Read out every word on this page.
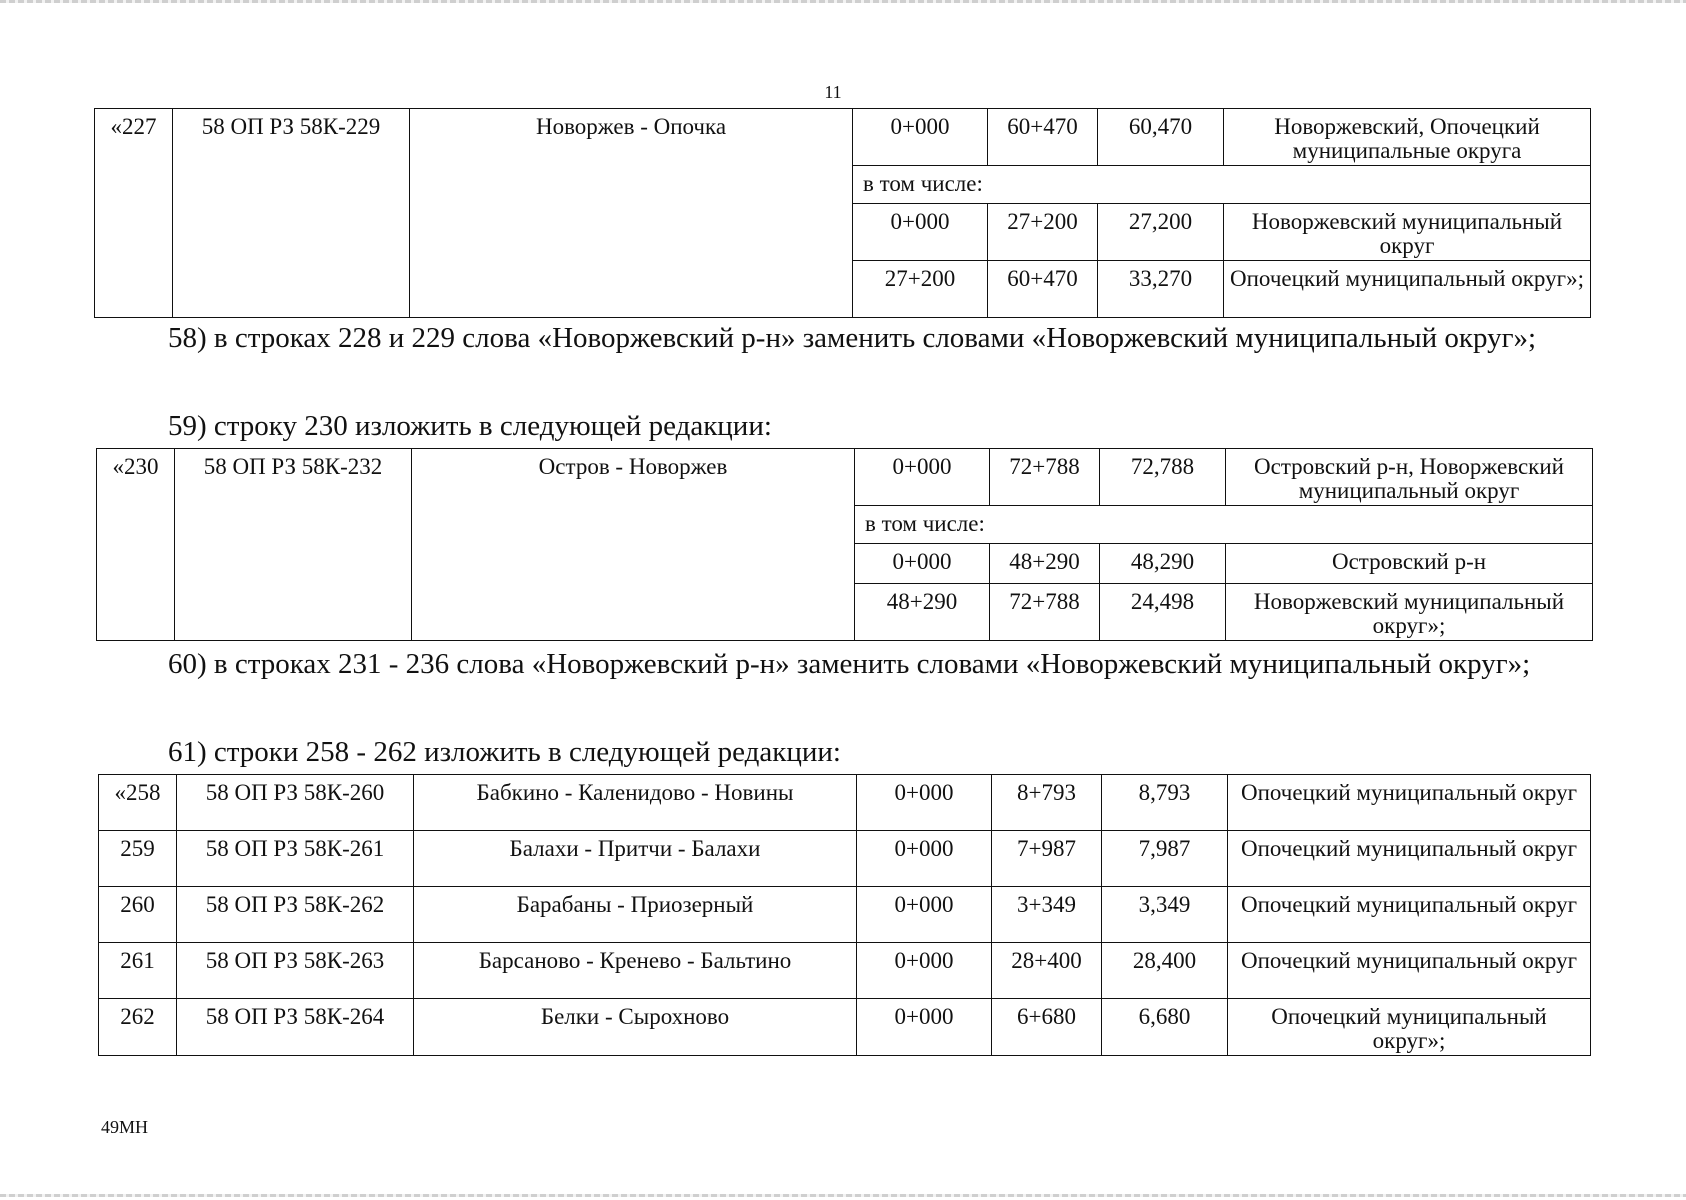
11
«227	58 ОП РЗ 58К-229	Новоржев - Опочка	0+000	60+470	60,470	Новоржевский, Опочецкий муниципальные округа
			в том числе:			
			0+000	27+200	27,200	Новоржевский муниципальный округ
			27+200	60+470	33,270	Опочецкий муниципальный округ»;
58) в строках 228 и 229 слова «Новоржевский р-н» заменить словами «Новоржевский муниципальный округ»;
59) строку 230 изложить в следующей редакции:
«230	58 ОП РЗ 58К-232	Остров - Новоржев	0+000	72+788	72,788	Островский р-н, Новоржевский муниципальный округ
			в том числе:			
			0+000	48+290	48,290	Островский р-н
			48+290	72+788	24,498	Новоржевский муниципальный округ»;
60) в строках 231 - 236 слова «Новоржевский р-н» заменить словами «Новоржевский муниципальный округ»;
61) строки 258 - 262 изложить в следующей редакции:
«258	58 ОП РЗ 58К-260	Бабкино - Каленидово - Новины	0+000	8+793	8,793	Опочецкий муниципальный округ
259	58 ОП РЗ 58К-261	Балахи - Притчи - Балахи	0+000	7+987	7,987	Опочецкий муниципальный округ
260	58 ОП РЗ 58К-262	Барабаны - Приозерный	0+000	3+349	3,349	Опочецкий муниципальный округ
261	58 ОП РЗ 58К-263	Барсаново - Кренево - Бальтино	0+000	28+400	28,400	Опочецкий муниципальный округ
262	58 ОП РЗ 58К-264	Белки - Сырохново	0+000	6+680	6,680	Опочецкий муниципальный округ»;
49МН
